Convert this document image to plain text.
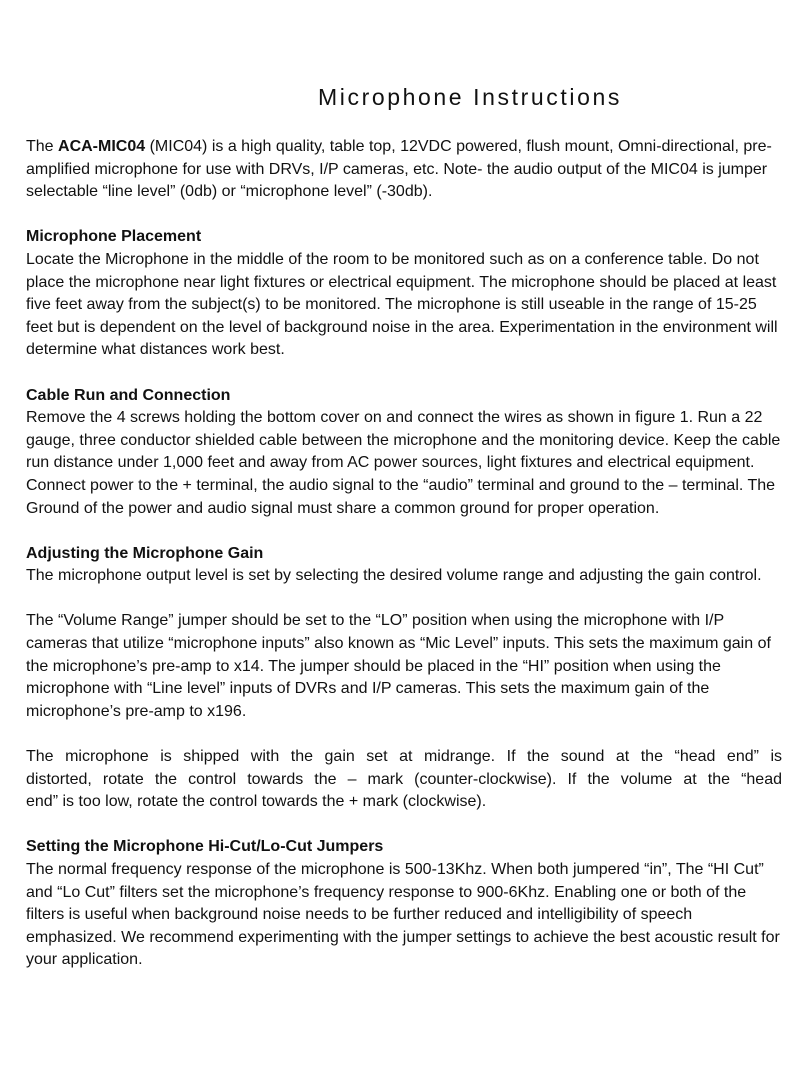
Microphone Instructions

The ACA-MIC04 (MIC04) is a high quality, table top, 12VDC powered, flush mount, Omni-directional, pre-amplified microphone for use with DRVs, I/P cameras, etc. Note- the audio output of the MIC04 is jumper selectable “line level” (0db) or “microphone level” (-30db).

Microphone Placement

Locate the Microphone in the middle of the room to be monitored such as on a conference table. Do not place the microphone near light fixtures or electrical equipment. The microphone should be placed at least five feet away from the subject(s) to be monitored. The microphone is still useable in the range of 15-25 feet but is dependent on the level of background noise in the area. Experimentation in the environment will determine what distances work best.

Cable Run and Connection

Remove the 4 screws holding the bottom cover on and connect the wires as shown in figure 1. Run a 22 gauge, three conductor shielded cable between the microphone and the monitoring device. Keep the cable run distance under 1,000 feet and away from AC power sources, light fixtures and electrical equipment. Connect power to the + terminal, the audio signal to the “audio” terminal and ground to the – terminal. The Ground of the power and audio signal must share a common ground for proper operation.

Adjusting the Microphone Gain

The microphone output level is set by selecting the desired volume range and adjusting the gain control.

The “Volume Range” jumper should be set to the “LO” position when using the microphone with I/P cameras that utilize “microphone inputs” also known as “Mic Level” inputs. This sets the maximum gain of the microphone’s pre-amp to x14. The jumper should be placed in the “HI” position when using the microphone with “Line level” inputs of DVRs and I/P cameras. This sets the maximum gain of the microphone’s pre-amp to x196.

The microphone is shipped with the gain set at midrange. If the sound at the “head end” is
distorted, rotate the control towards the – mark (counter-clockwise). If the volume at the “head
end” is too low, rotate the control towards the + mark (clockwise).

Setting the Microphone Hi-Cut/Lo-Cut Jumpers

The normal frequency response of the microphone is 500-13Khz. When both jumpered “in”, The “HI Cut” and “Lo Cut” filters set the microphone’s frequency response to 900-6Khz. Enabling one or both of the filters is useful when background noise needs to be further reduced and intelligibility of speech emphasized. We recommend experimenting with the jumper settings to achieve the best acoustic result for your application.
